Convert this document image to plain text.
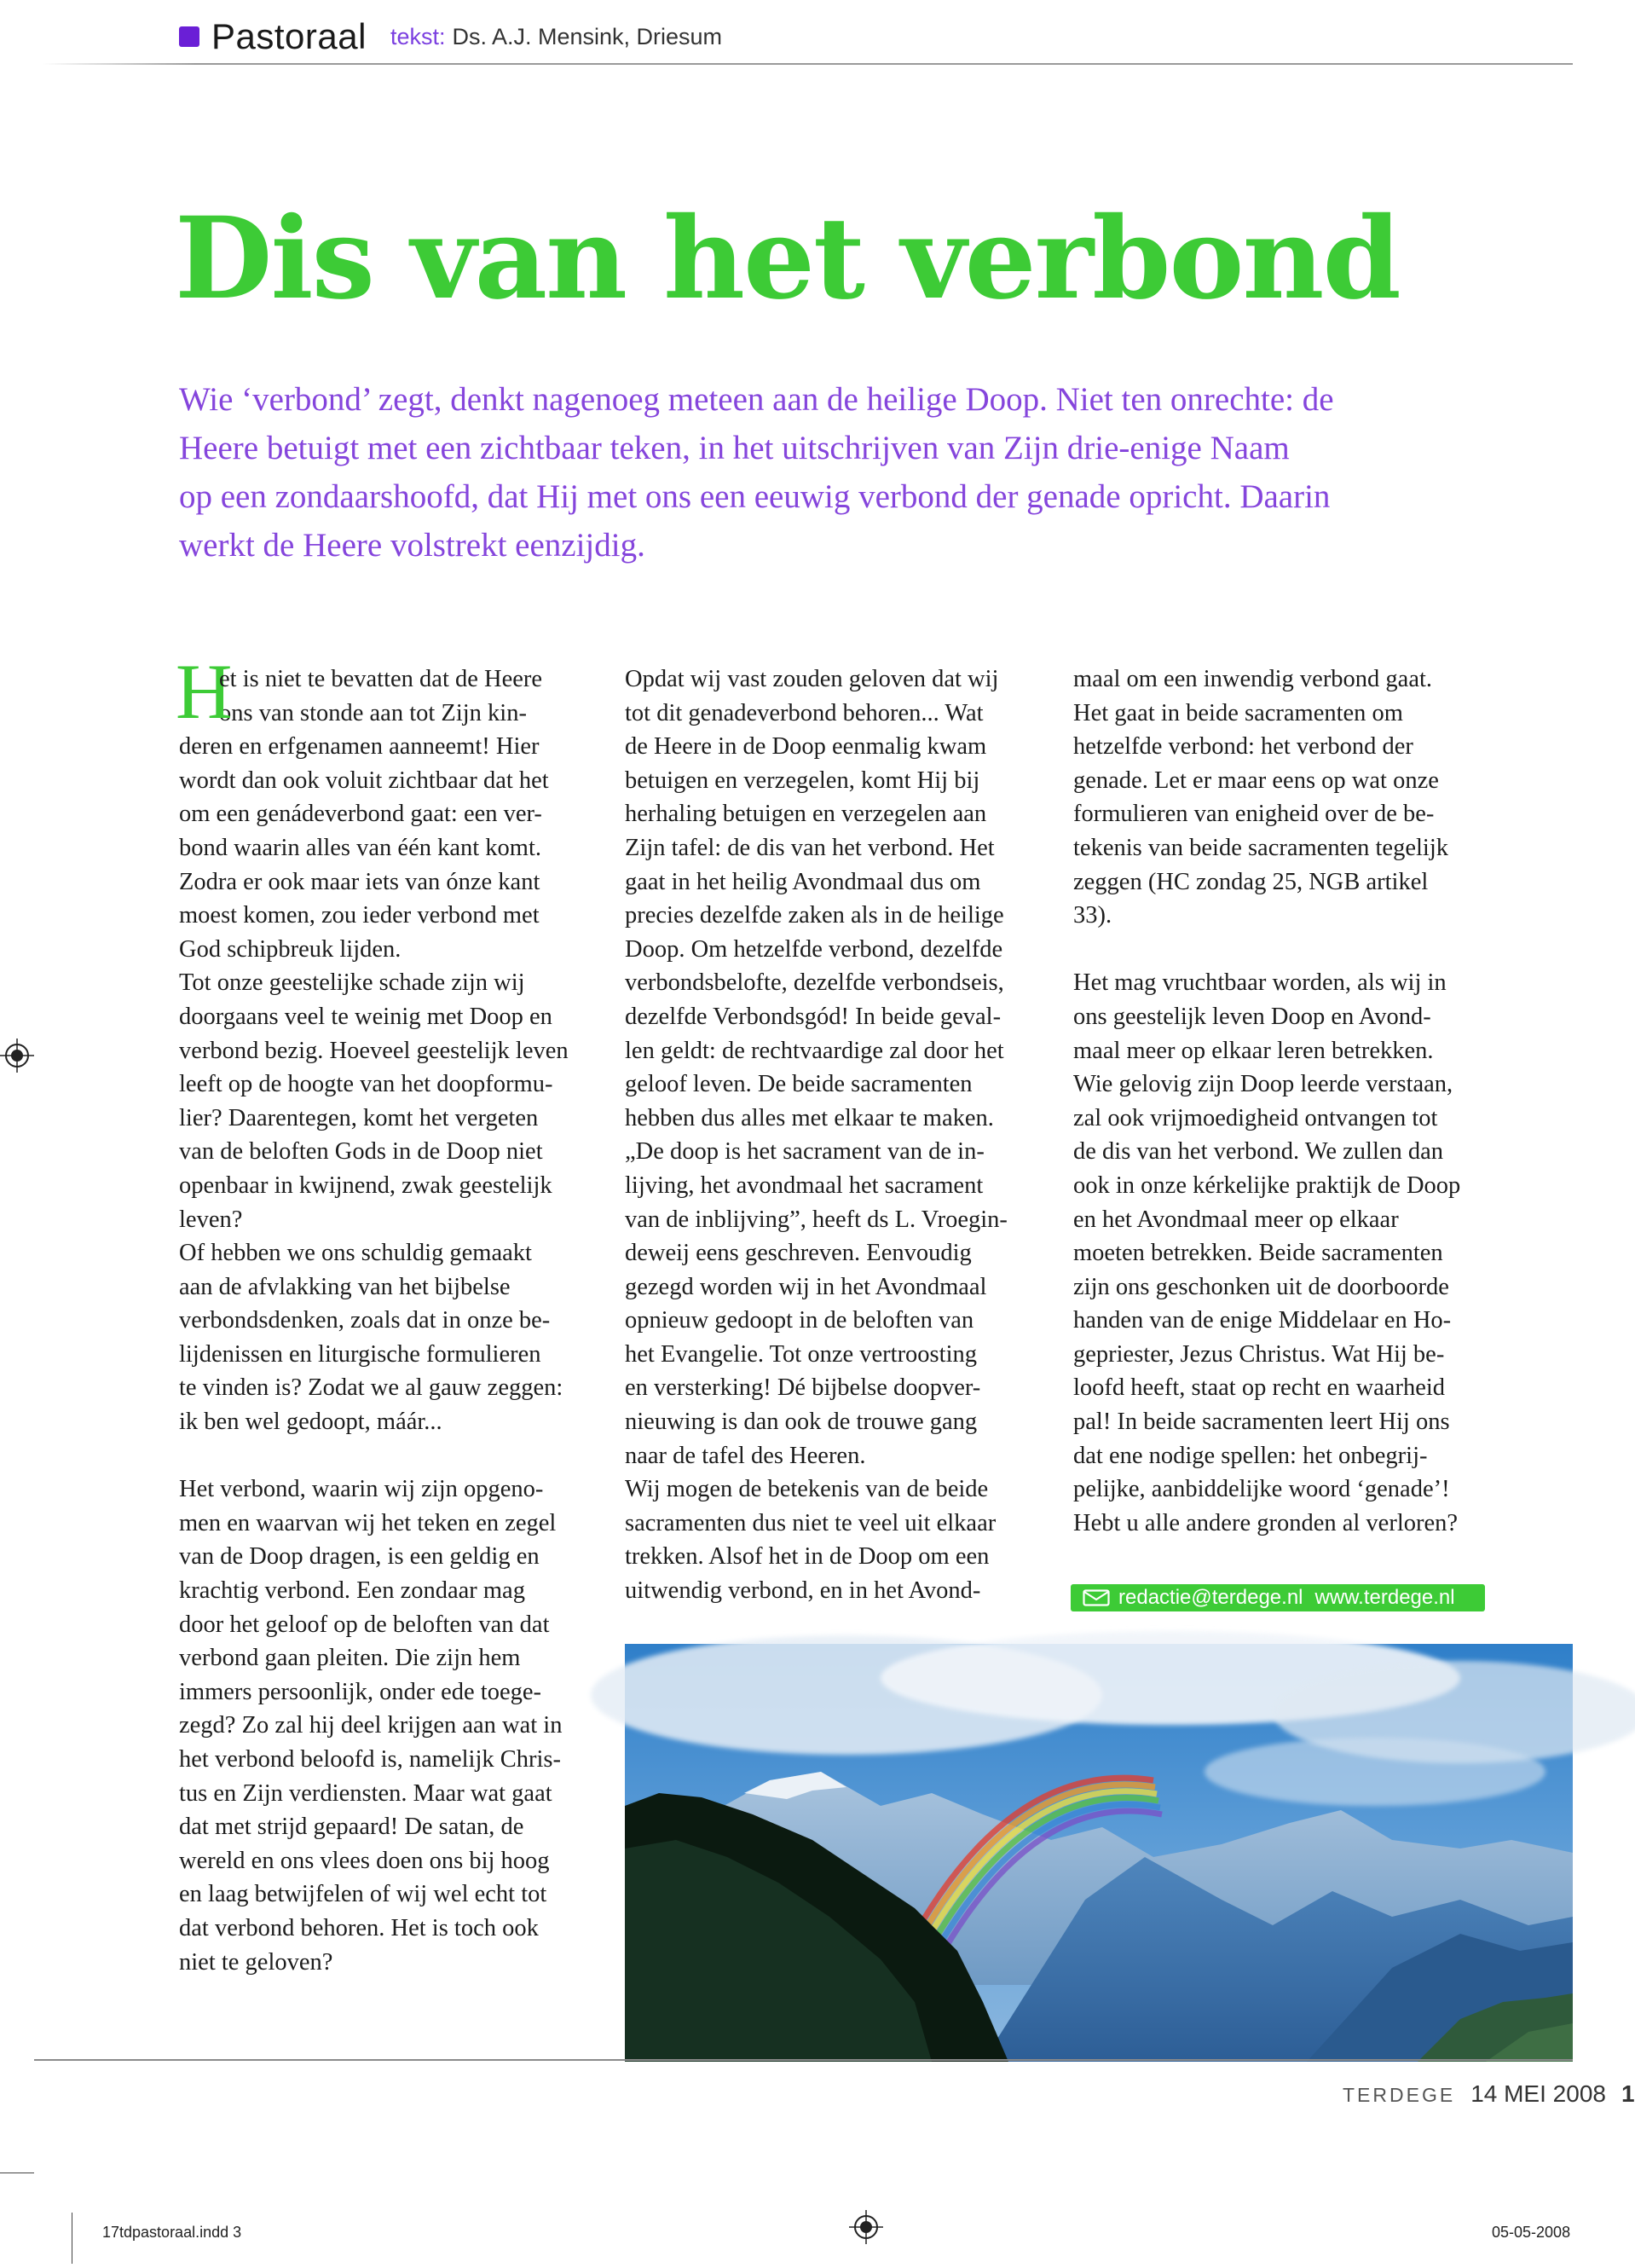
Pastoraal tekst: Ds. A.J. Mensink, Driesum
Dis van het verbond
Wie ‘verbond’ zegt, denkt nagenoeg meteen aan de heilige Doop. Niet ten onrechte: de
Heere betuigt met een zichtbaar teken, in het uitschrijven van Zijn drie-enige Naam
op een zondaarshoofd, dat Hij met ons een eeuwig verbond der genade opricht. Daarin
werkt de Heere volstrekt eenzijdig.
H
et is niet te bevatten dat de Heere
ons van stonde aan tot Zijn kin-
deren en erfgenamen aanneemt! Hier
wordt dan ook voluit zichtbaar dat het
om een genádeverbond gaat: een ver-
bond waarin alles van één kant komt.
Zodra er ook maar iets van ónze kant
moest komen, zou ieder verbond met
God schipbreuk lijden.
Tot onze geestelijke schade zijn wij
doorgaans veel te weinig met Doop en
verbond bezig. Hoeveel geestelijk leven
leeft op de hoogte van het doopformu-
lier? Daarentegen, komt het vergeten
van de beloften Gods in de Doop niet
openbaar in kwijnend, zwak geestelijk
leven?
Of hebben we ons schuldig gemaakt
aan de afvlakking van het bijbelse
verbondsdenken, zoals dat in onze be-
lijdenissen en liturgische formulieren
te vinden is? Zodat we al gauw zeggen:
ik ben wel gedoopt, máár...
Het verbond, waarin wij zijn opgeno-
men en waarvan wij het teken en zegel
van de Doop dragen, is een geldig en
krachtig verbond. Een zondaar mag
door het geloof op de beloften van dat
verbond gaan pleiten. Die zijn hem
immers persoonlijk, onder ede toege-
zegd? Zo zal hij deel krijgen aan wat in
het verbond beloofd is, namelijk Chris-
tus en Zijn verdiensten. Maar wat gaat
dat met strijd gepaard! De satan, de
wereld en ons vlees doen ons bij hoog
en laag betwijfelen of wij wel echt tot
dat verbond behoren. Het is toch ook
niet te geloven?
Opdat wij vast zouden geloven dat wij
tot dit genadeverbond behoren... Wat
de Heere in de Doop eenmalig kwam
betuigen en verzegelen, komt Hij bij
herhaling betuigen en verzegelen aan
Zijn tafel: de dis van het verbond. Het
gaat in het heilig Avondmaal dus om
precies dezelfde zaken als in de heilige
Doop. Om hetzelfde verbond, dezelfde
verbondsbelofte, dezelfde verbondseis,
dezelfde Verbondsgód! In beide geval-
len geldt: de rechtvaardige zal door het
geloof leven. De beide sacramenten
hebben dus alles met elkaar te maken.
„De doop is het sacrament van de in-
lijving, het avondmaal het sacrament
van de inblijving”, heeft ds L. Vroegin-
deweij eens geschreven. Eenvoudig
gezegd worden wij in het Avondmaal
opnieuw gedoopt in de beloften van
het Evangelie. Tot onze vertroosting
en versterking! Dé bijbelse doopver-
nieuwing is dan ook de trouwe gang
naar de tafel des Heeren.
Wij mogen de betekenis van de beide
sacramenten dus niet te veel uit elkaar
trekken. Alsof het in de Doop om een
uitwendig verbond, en in het Avond-
maal om een inwendig verbond gaat.
Het gaat in beide sacramenten om
hetzelfde verbond: het verbond der
genade. Let er maar eens op wat onze
formulieren van enigheid over de be-
tekenis van beide sacramenten tegelijk
zeggen (HC zondag 25, NGB artikel
33).
Het mag vruchtbaar worden, als wij in
ons geestelijk leven Doop en Avond-
maal meer op elkaar leren betrekken.
Wie gelovig zijn Doop leerde verstaan,
zal ook vrijmoedigheid ontvangen tot
de dis van het verbond. We zullen dan
ook in onze kérkelijke praktijk de Doop
en het Avondmaal meer op elkaar
moeten betrekken. Beide sacramenten
zijn ons geschonken uit de doorboorde
handen van de enige Middelaar en Ho-
gepriester, Jezus Christus. Wat Hij be-
loofd heeft, staat op recht en waarheid
pal! In beide sacramenten leert Hij ons
dat ene nodige spellen: het onbegrij-
pelijke, aanbiddelijke woord ‘genade’!
Hebt u alle andere gronden al verloren?
redactie@terdege.nl www.terdege.nl
TERDEGE 14 MEI 2008 1
17tdpastoraal.indd 3	05-05-2008
